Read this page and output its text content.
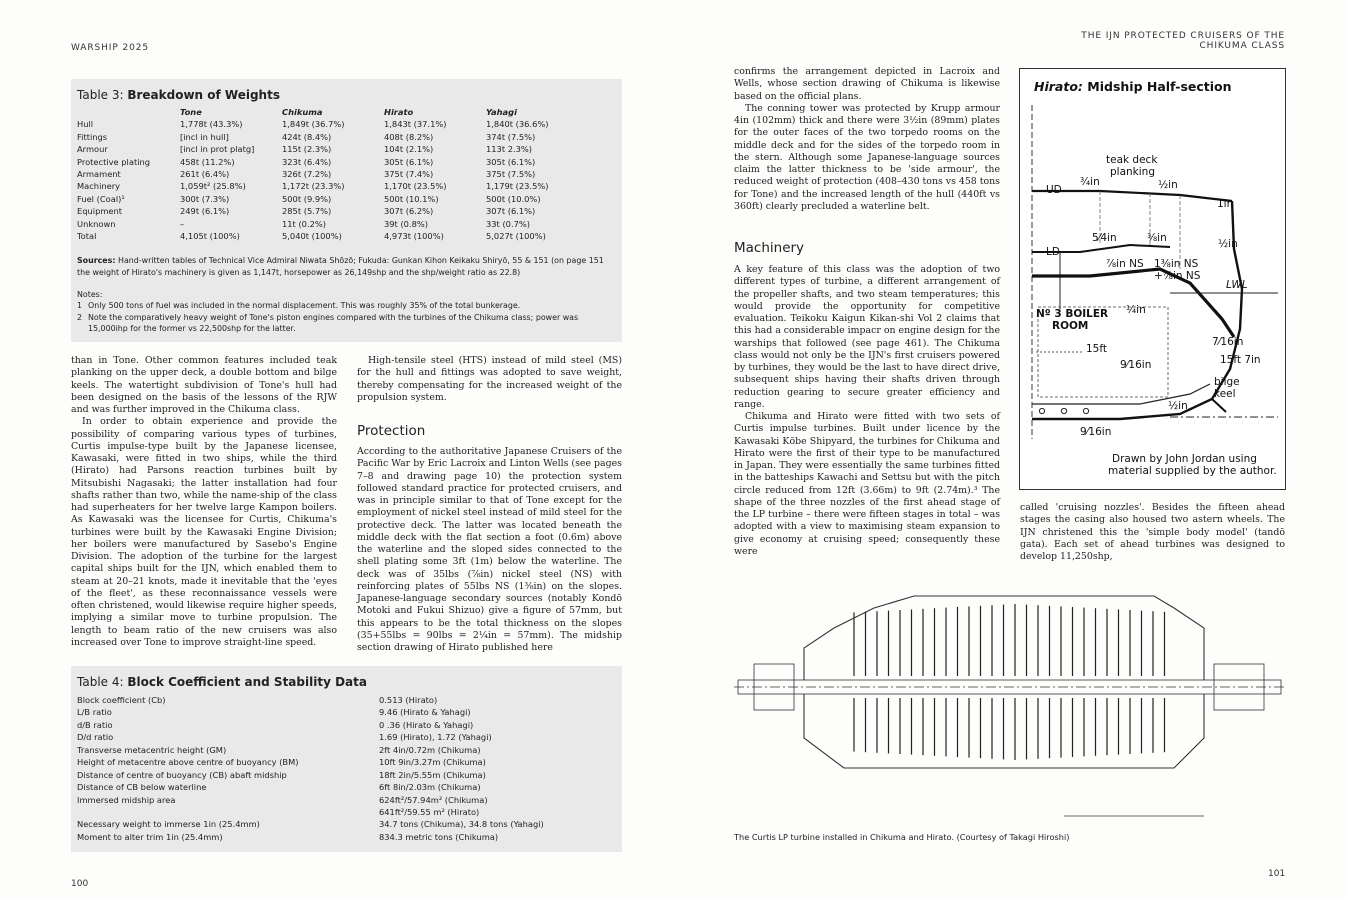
WARSHIP 2025
Table 3: Breakdown of Weights
Tone	Chikuma	Hirato	Yahagi
Hull	1,778t (43.3%)	1,849t (36.7%)	1,843t (37.1%)	1,840t (36.6%)
Fittings	[incl in hull]	424t (8.4%)	408t (8.2%)	374t (7.5%)
Armour	[incl in prot platg]	115t (2.3%)	104t (2.1%)	113t 2.3%)
Protective plating	458t (11.2%)	323t (6.4%)	305t (6.1%)	305t (6.1%)
Armament	261t (6.4%)	326t (7.2%)	375t (7.4%)	375t (7.5%)
Machinery	1,059t² (25.8%)	1,172t (23.3%)	1,170t (23.5%)	1,179t (23.5%)
Fuel (Coal)¹	300t (7.3%)	500t (9.9%)	500t (10.1%)	500t (10.0%)
Equipment	249t (6.1%)	285t (5.7%)	307t (6.2%)	307t (6.1%)
Unknown	–	11t (0.2%)	39t (0.8%)	33t (0.7%)
Total	4,105t (100%)	5,040t (100%)	4,973t (100%)	5,027t (100%)
Sources: Hand-written tables of Technical Vice Admiral Niwata Shōzō; Fukuda: Gunkan Kihon Keikaku Shiryō, 55 & 151 (on page 151 the weight of Hirato's machinery is given as 1,147t, horsepower as 26,149shp and the shp/weight ratio as 22.8)
Notes:
1 Only 500 tons of fuel was included in the normal displacement. This was roughly 35% of the total bunkerage.
2 Note the comparatively heavy weight of Tone's piston engines compared with the turbines of the Chikuma class; power was 15,000ihp for the former vs 22,500shp for the latter.

than in Tone. Other common features included teak planking on the upper deck, a double bottom and bilge keels. The watertight subdivision of Tone's hull had been designed on the basis of the lessons of the RJW and was further improved in the Chikuma class.

In order to obtain experience and provide the possibility of comparing various types of turbines, Curtis impulse-type built by the Japanese licensee, Kawasaki, were fitted in two ships, while the third (Hirato) had Parsons reaction turbines built by Mitsubishi Nagasaki; the latter installation had four shafts rather than two, while the name-ship of the class had superheaters for her twelve large Kampon boilers. As Kawasaki was the licensee for Curtis, Chikuma's turbines were built by the Kawasaki Engine Division; her boilers were manufactured by Sasebo's Engine Division. The adoption of the turbine for the largest capital ships built for the IJN, which enabled them to steam at 20–21 knots, made it inevitable that the 'eyes of the fleet', as these reconnaissance vessels were often christened, would likewise require higher speeds, implying a similar move to turbine propulsion. The length to beam ratio of the new cruisers was also increased over Tone to improve straight-line speed.

High-tensile steel (HTS) instead of mild steel (MS) for the hull and fittings was adopted to save weight, thereby compensating for the increased weight of the propulsion system.

Protection

According to the authoritative Japanese Cruisers of the Pacific War by Eric Lacroix and Linton Wells (see pages 7–8 and drawing page 10) the protection system followed standard practice for protected cruisers, and was in principle similar to that of Tone except for the employment of nickel steel instead of mild steel for the protective deck. The latter was located beneath the middle deck with the flat section a foot (0.6m) above the waterline and the sloped sides connected to the shell plating some 3ft (1m) below the waterline. The deck was of 35lbs (⅞in) nickel steel (NS) with reinforcing plates of 55lbs NS (1⅜in) on the slopes. Japanese-language secondary sources (notably Kondō Motoki and Fukui Shizuo) give a figure of 57mm, but this appears to be the total thickness on the slopes (35+55lbs = 90lbs = 2¼in = 57mm). The midship section drawing of Hirato published here

Table 4: Block Coefficient and Stability Data
Block coefficient (Cb)	0.513 (Hirato)
L/B ratio	9.46 (Hirato & Yahagi)
d/B ratio	0 .36 (Hirato & Yahagi)
D/d ratio	1.69 (Hirato), 1.72 (Yahagi)
Transverse metacentric height (GM)	2ft 4in/0.72m (Chikuma)
Height of metacentre above centre of buoyancy (BM)	10ft 9in/3.27m (Chikuma)
Distance of centre of buoyancy (CB) abaft midship	18ft 2in/5.55m (Chikuma)
Distance of CB below waterline	6ft 8in/2.03m (Chikuma)
Immersed midship area	624ft²/57.94m² (Chikuma)
641ft²/59.55 m² (Hirato)
Necessary weight to immerse 1in (25.4mm)	34.7 tons (Chikuma), 34.8 tons (Yahagi)
Moment to alter trim 1in (25.4mm)	834.3 metric tons (Chikuma)
100
THE IJN PROTECTED CRUISERS OF THE CHIKUMA CLASS

confirms the arrangement depicted in Lacroix and Wells, whose section drawing of Chikuma is likewise based on the official plans.

The conning tower was protected by Krupp armour 4in (102mm) thick and there were 3½in (89mm) plates for the outer faces of the two torpedo rooms on the middle deck and for the sides of the torpedo room in the stern. Although some Japanese-language sources claim the latter thickness to be 'side armour', the reduced weight of protection (408–430 tons vs 458 tons for Tone) and the increased length of the hull (440ft vs 360ft) clearly precluded a waterline belt.

Machinery

A key feature of this class was the adoption of two different types of turbine, a different arrangement of the propeller shafts, and two steam temperatures; this would provide the opportunity for competitive evaluation. Teikoku Kaigun Kikan-shi Vol 2 claims that this had a considerable impacr on engine design for the warships that followed (see page 461). The Chikuma class would not only be the IJN's first cruisers powered by turbines, they would be the last to have direct drive, subsequent ships having their shafts driven through reduction gearing to secure greater efficiency and range.

Chikuma and Hirato were fitted with two sets of Curtis impulse turbines. Built under licence by the Kawasaki Kōbe Shipyard, the turbines for Chikuma and Hirato were the first of their type to be manufactured in Japan. They were essentially the same turbines fitted in the batteships Kawachi and Settsu but with the pitch circle reduced from 12ft (3.66m) to 9ft (2.74m).³ The shape of the three nozzles of the first ahead stage of the LP turbine – there were fifteen stages in total – was adopted with a view to maximising steam expansion to give economy at cruising speed; consequently these were

Hirato: Midship Half-section
teak deck
planking
UD
LD
¾in	½in
1in
5⁄4in	⅜in	½in
⅞in NS 1⅜in NS
+⅞in NS
LWL
Nº 3 BOILER
ROOM
¼in
15ft
7⁄16in
15ft 7in
9⁄16in
bilge
keel
½in
9⁄16in
Drawn by John Jordan using
material supplied by the author.

called 'cruising nozzles'. Besides the fifteen ahead stages the casing also housed two astern wheels. The IJN christened this the 'simple body model' (tandō gata). Each set of ahead turbines was designed to develop 11,250shp,

The Curtis LP turbine installed in Chikuma and Hirato. (Courtesy of Takagi Hiroshi)
101
